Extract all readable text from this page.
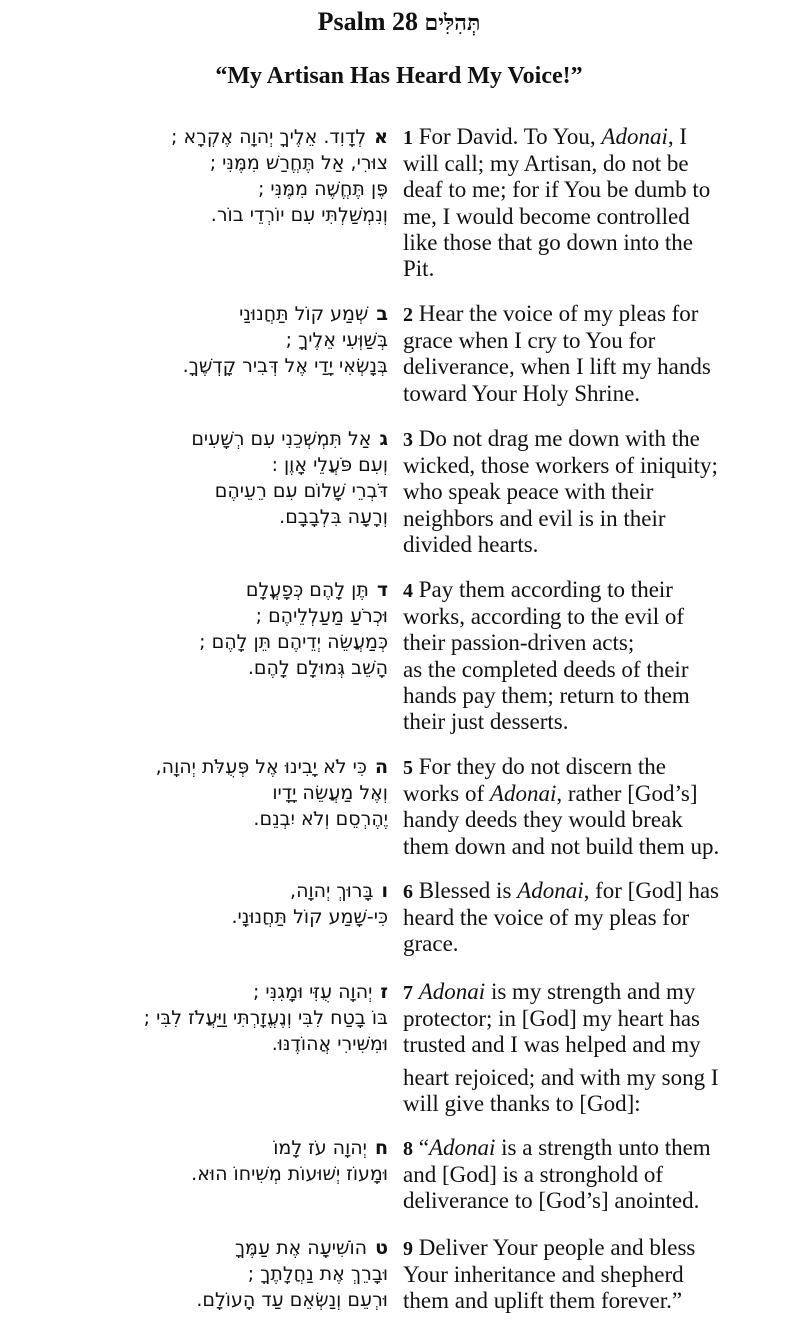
Psalm 28 תְּהִלִּים
“My Artisan Has Heard My Voice!”
אלְדָוִד. אֵלֶיךָ יְהוָה אֶקְרָא ;
צוּרִי, אַל תֶּחֱרַשׁ מִמֶּנִּי ;
פֶּן תֶּחֱשֶׁה מִמֶּנִּי ;
וְנִמְשַׁלְתִּי עִם יוֹרְדֵי בוֹר.
1 For David. To You, Adonai, I
will call; my Artisan, do not be
deaf to me; for if You be dumb to
me, I would become controlled
like those that go down into the
Pit.
בשְׁמַע קוֹל תַּחֲנוּנַי
בְּשַׁוְּעִי אֵלֶיךָ ;
בְּנָשְׂאִי יָדַי אֶל דְּבִיר קָדְשֶׁךָ.
2 Hear the voice of my pleas for
grace when I cry to You for
deliverance, when I lift my hands
toward Your Holy Shrine.
גאַל תִּמְשְׁכֵנִי עִם רְשָׁעִים
וְעִם פֹּעֲלֵי אָוֶן :
דֹּבְרֵי שָׁלוֹם עִם רֵעֵיהֶם
וְרָעָה בִּלְבָבָם.
3 Do not drag me down with the
wicked, those workers of iniquity;
who speak peace with their
neighbors and evil is in their
divided hearts.
דתֶּן לָהֶם כְּפָעֳלָם
וּכְרֹעַ מַעַלְלֵיהֶם ;
כְּמַעֲשֵׂה יְדֵיהֶם תֵּן לָהֶם ;
הָשֵׁב גְּמוּלָם לָהֶם.
4 Pay them according to their
works, according to the evil of
their passion-driven acts;
as the completed deeds of their
hands pay them; return to them
their just desserts.
הכִּי לֹא יָבִינוּ אֶל פְּעֻלֹּת יְהוָה,
וְאֶל מַעֲשֵׂה יָדָיו
יֶהֶרְסֵם וְלֹא יִבְנֵם.
5 For they do not discern the
works of Adonai, rather [God’s]
handy deeds they would break
them down and not build them up.
ובָּרוּךְ יְהוָה,
כִּי-שָׁמַע קוֹל תַּחֲנוּנָי.
6 Blessed is Adonai, for [God] has
heard the voice of my pleas for
grace.
זיְהוָה עֻזִּי וּמָגִנִּי ;
בּוֹ בָטַח לִבִּי וְנֶעֱזָרְתִּי וַיַּעֲלֹז לִבִּי ;
וּמִשִּׁירִי אֲהוֹדֶנּוּ.
7 Adonai is my strength and my
protector; in [God] my heart has
trusted and I was helped and my
heart rejoiced; and with my song I
will give thanks to [God]:
חיְהוָה עֹז לָמוֹ
וּמָעוֹז יְשׁוּעוֹת מְשִׁיחוֹ הוּא.
8 “Adonai is a strength unto them
and [God] is a stronghold of
deliverance to [God’s] anointed.
טהוֹשִׁיעָה אֶת עַמֶּךָ
וּבָרֵךְ אֶת נַחֲלָתֶךָ ;
וּרְעֵם וְנַשְּׂאֵם עַד הָעוֹלָם.
9 Deliver Your people and bless
Your inheritance and shepherd
them and uplift them forever.”
